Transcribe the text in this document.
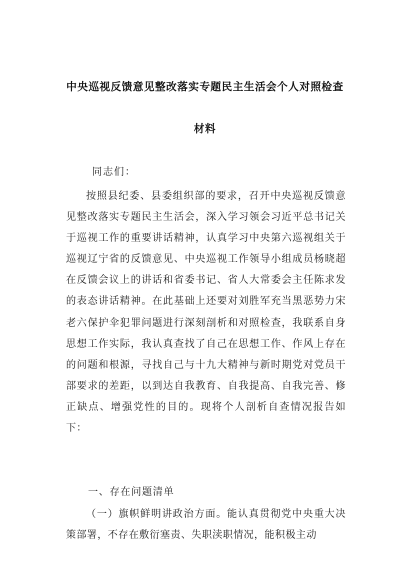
中央巡视反馈意见整改落实专题民主生活会个人对照检查
材料
同志们：
按照县纪委、县委组织部的要求，召开中央巡视反馈意见整改落实专题民主生活会，深入学习领会习近平总书记关于巡视工作的重要讲话精神，认真学习中央第六巡视组关于巡视辽宁省的反馈意见、中央巡视工作领导小组成员杨晓超在反馈会议上的讲话和省委书记、省人大常委会主任陈求发的表态讲话精神。在此基础上还要对刘胜军充当黑恶势力宋老六保护伞犯罪问题进行深刻剖析和对照检查，我联系自身思想工作实际，我认真查找了自己在思想工作、作风上存在的问题和根源，寻找自己与十九大精神与新时期党对党员干部要求的差距，以到达自我教育、自我提高、自我完善、修正缺点、增强党性的目的。现将个人剖析自查情况报告如下：
一、存在问题清单
（一）旗帜鲜明讲政治方面。能认真贯彻党中央重大决策部署，不存在敷衍塞责、失职渎职情况，能积极主动
